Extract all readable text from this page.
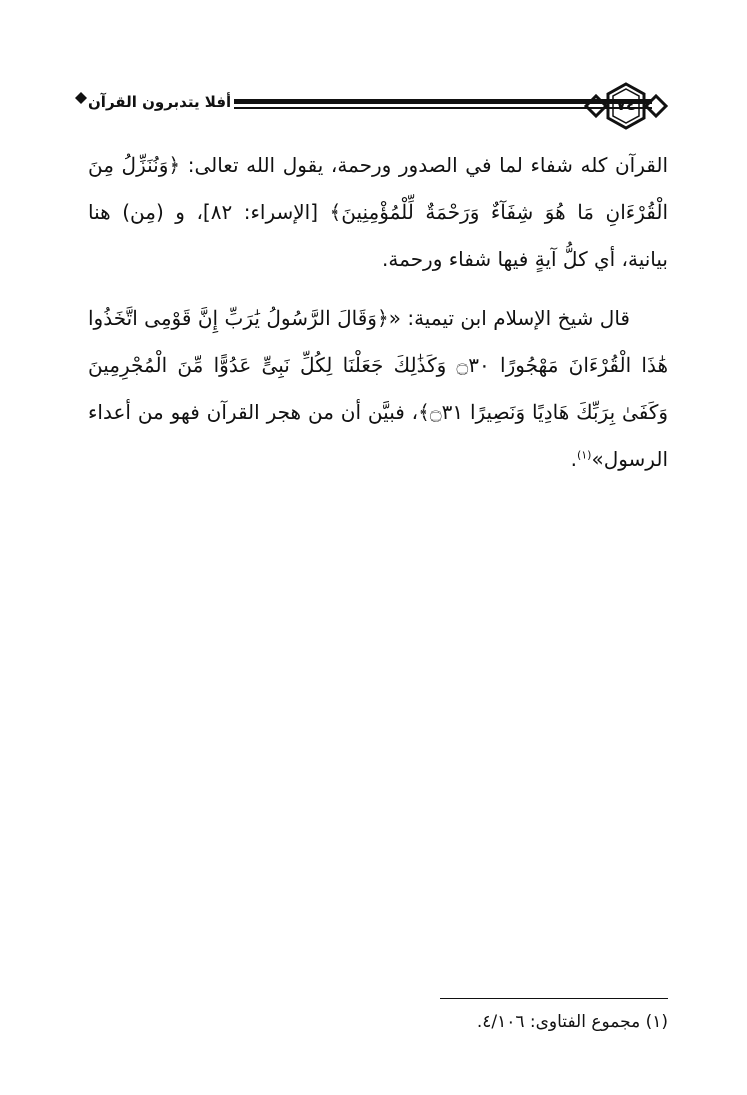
أفلا يتدبرون القرآن	٧٤

القرآن كله شفاء لما في الصدور ورحمة، يقول الله تعالى: ﴿وَنُنَزِّلُ مِنَ الْقُرْءَانِ مَا هُوَ شِفَآءٌ وَرَحْمَةٌ لِّلْمُؤْمِنِينَ﴾ [الإسراء: ٨٢]، و (مِن) هنا بيانية، أي كلُّ آيةٍ فيها شفاء ورحمة.

قال شيخ الإسلام ابن تيمية: «﴿وَقَالَ الرَّسُولُ يَٰرَبِّ إِنَّ قَوْمِى اتَّخَذُوا هَٰذَا الْقُرْءَانَ مَهْجُورًا ۝٣٠ وَكَذَٰلِكَ جَعَلْنَا لِكُلِّ نَبِىٍّ عَدُوًّا مِّنَ الْمُجْرِمِينَ وَكَفَىٰ بِرَبِّكَ هَادِيًا وَنَصِيرًا ۝٣١﴾، فبيَّن أن من هجر القرآن فهو من أعداء الرسول»$^{(١)}$.

(١) مجموع الفتاوى: ٤/١٠٦.
